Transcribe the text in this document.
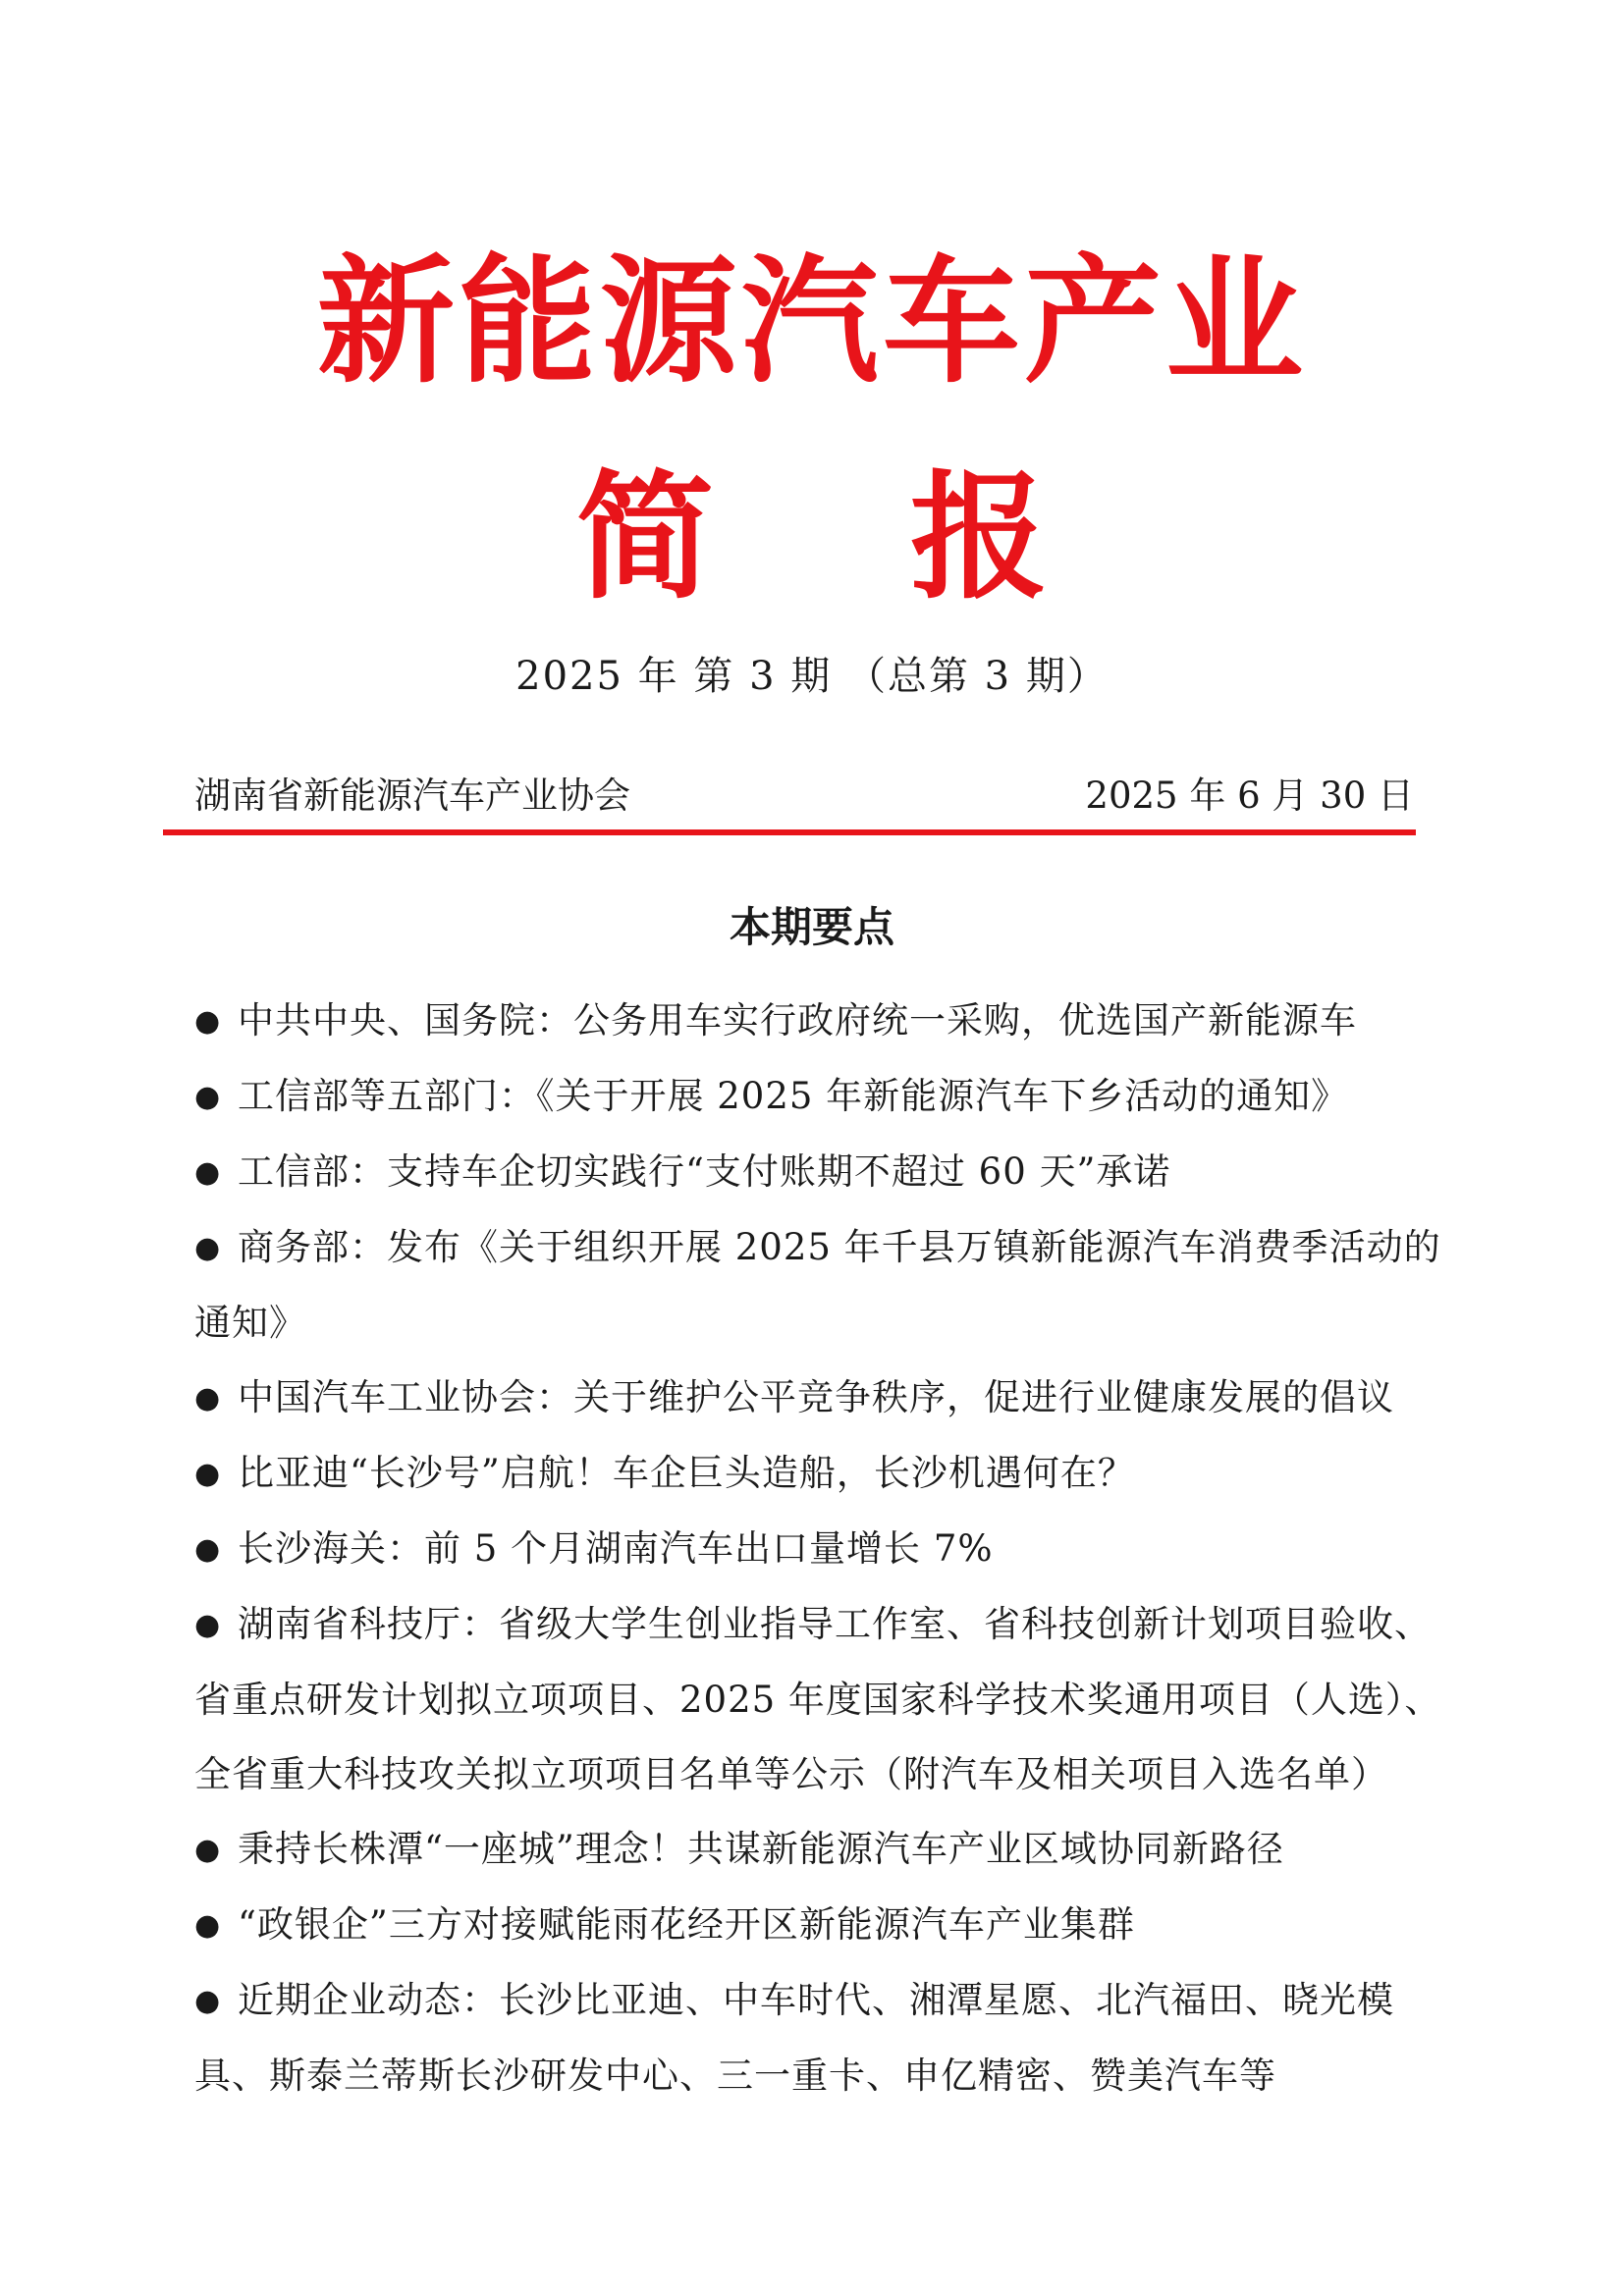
新能源汽车产业
简 报
2025 年 第 3 期 （总第 3 期）
湖南省新能源汽车产业协会	2025 年 6 月 30 日
本期要点
● 中共中央、国务院：公务用车实行政府统一采购，优选国产新能源车
● 工信部等五部门：《关于开展 2025 年新能源汽车下乡活动的通知》
● 工信部：支持车企切实践行“支付账期不超过 60 天”承诺
● 商务部：发布《关于组织开展 2025 年千县万镇新能源汽车消费季活动的通知》
● 中国汽车工业协会：关于维护公平竞争秩序，促进行业健康发展的倡议
● 比亚迪“长沙号”启航！车企巨头造船，长沙机遇何在？
● 长沙海关：前 5 个月湖南汽车出口量增长 7%
● 湖南省科技厅：省级大学生创业指导工作室、省科技创新计划项目验收、省重点研发计划拟立项项目、2025 年度国家科学技术奖通用项目（人选）、全省重大科技攻关拟立项项目名单等公示（附汽车及相关项目入选名单）
● 秉持长株潭“一座城”理念！共谋新能源汽车产业区域协同新路径
● “政银企”三方对接赋能雨花经开区新能源汽车产业集群
● 近期企业动态：长沙比亚迪、中车时代、湘潭星愿、北汽福田、晓光模具、斯泰兰蒂斯长沙研发中心、三一重卡、申亿精密、赞美汽车等
